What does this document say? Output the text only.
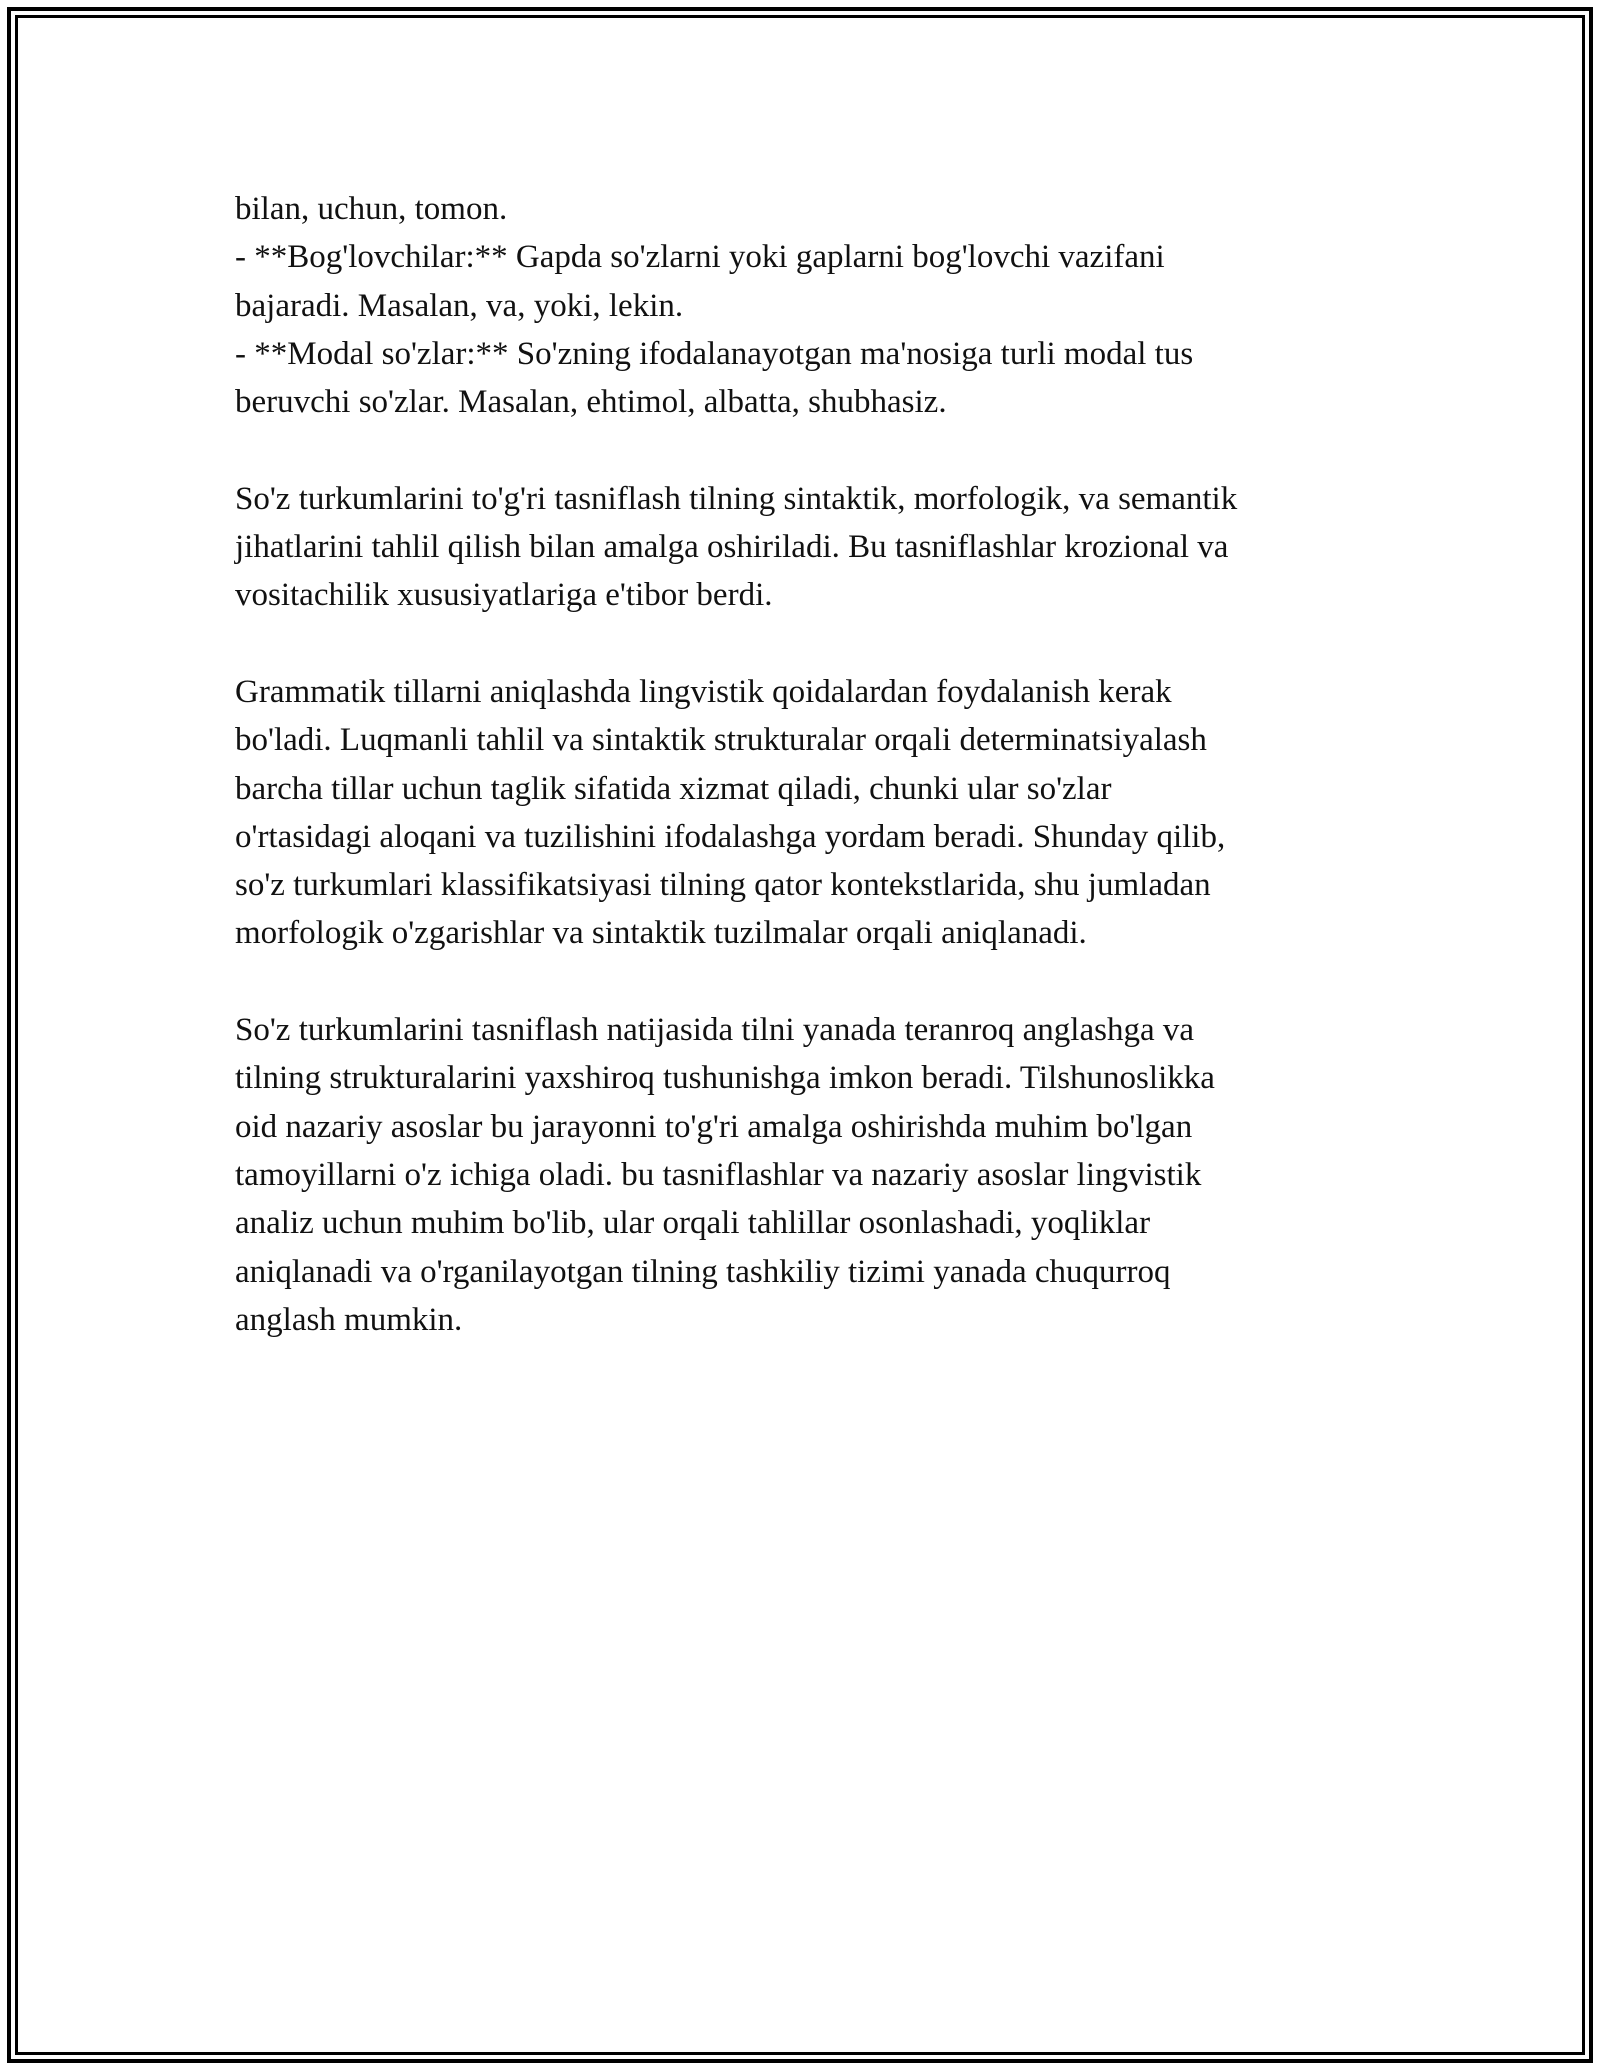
bilan, uchun, tomon.
- **Bog'lovchilar:** Gapda so'zlarni yoki gaplarni bog'lovchi vazifani
bajaradi. Masalan, va, yoki, lekin.
- **Modal so'zlar:** So'zning ifodalanayotgan ma'nosiga turli modal tus
beruvchi so'zlar. Masalan, ehtimol, albatta, shubhasiz.
So'z turkumlarini to'g'ri tasniflash tilning sintaktik, morfologik, va semantik
jihatlarini tahlil qilish bilan amalga oshiriladi. Bu tasniflashlar krozional va
vositachilik xususiyatlariga e'tibor berdi.
Grammatik tillarni aniqlashda lingvistik qoidalardan foydalanish kerak
bo'ladi. Luqmanli tahlil va sintaktik strukturalar orqali determinatsiyalash
barcha tillar uchun taglik sifatida xizmat qiladi, chunki ular so'zlar
o'rtasidagi aloqani va tuzilishini ifodalashga yordam beradi. Shunday qilib,
so'z turkumlari klassifikatsiyasi tilning qator kontekstlarida, shu jumladan
morfologik o'zgarishlar va sintaktik tuzilmalar orqali aniqlanadi.
So'z turkumlarini tasniflash natijasida tilni yanada teranroq anglashga va
tilning strukturalarini yaxshiroq tushunishga imkon beradi. Tilshunoslikka
oid nazariy asoslar bu jarayonni to'g'ri amalga oshirishda muhim bo'lgan
tamoyillarni o'z ichiga oladi. bu tasniflashlar va nazariy asoslar lingvistik
analiz uchun muhim bo'lib, ular orqali tahlillar osonlashadi, yoqliklar
aniqlanadi va o'rganilayotgan tilning tashkiliy tizimi yanada chuqurroq
anglash mumkin.
